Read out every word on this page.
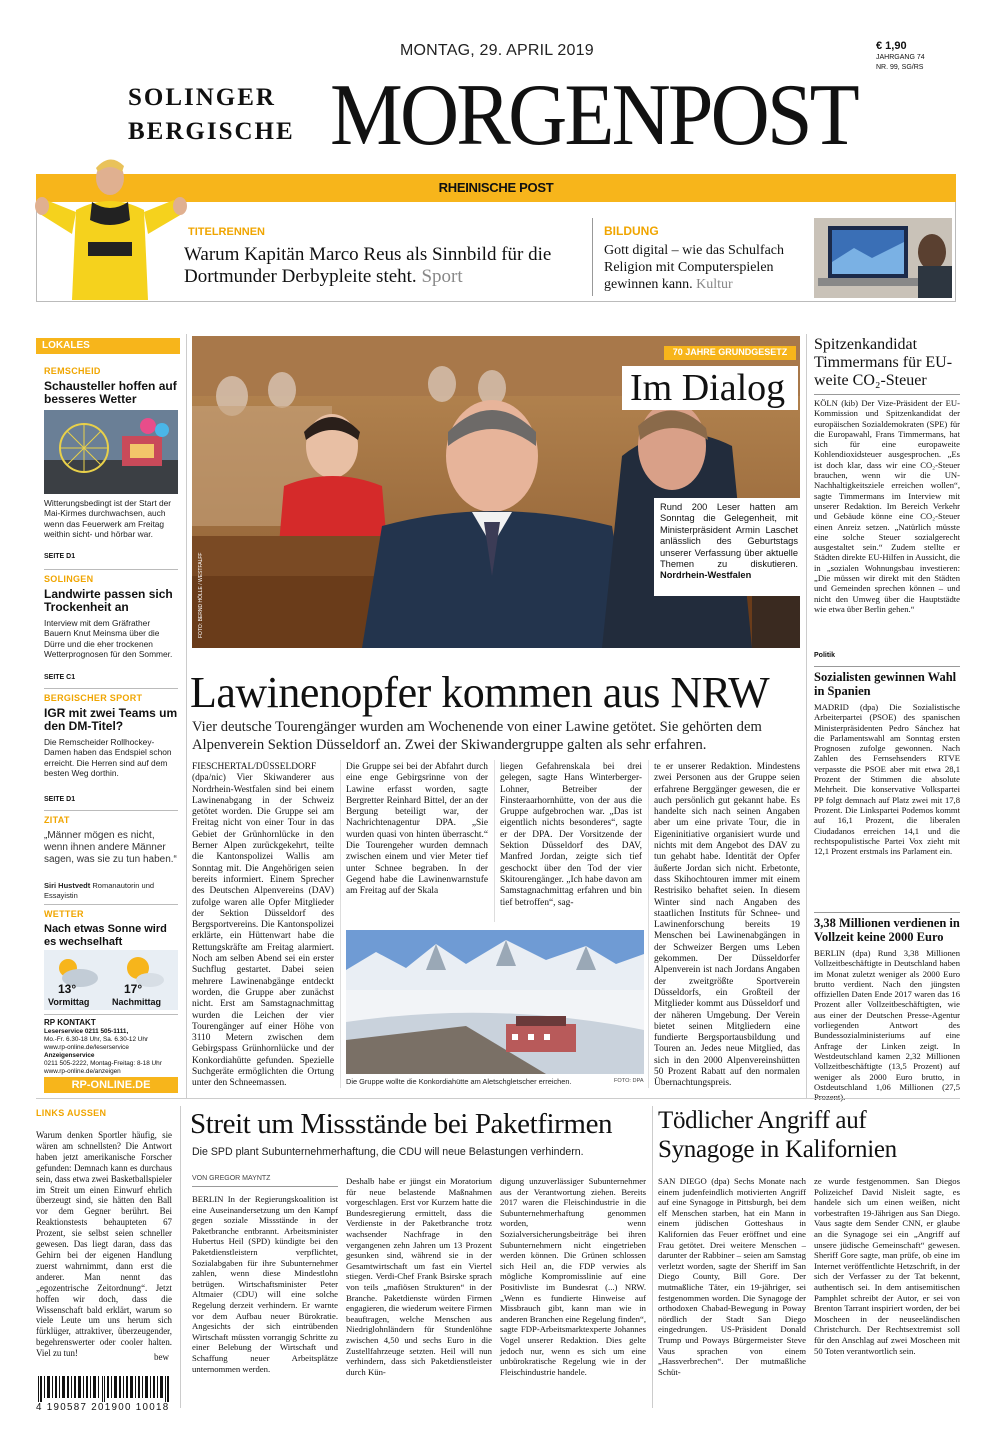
MONTAG, 29. APRIL 2019	€ 1,90
JAHRGANG 74
NR. 99, SG/RS
SOLINGER
BERGISCHE MORGENPOST
RHEINISCHE POST
TITELRENNEN
Warum Kapitän Marco Reus als Sinnbild für die Dortmunder Derbypleite steht. Sport
BILDUNG
Gott digital – wie das Schulfach Religion mit Computerspielen gewinnen kann. Kultur
LOKALES
REMSCHEID
Schausteller hoffen auf besseres Wetter
Witterungsbedingt ist der Start der Mai-Kirmes durchwachsen, auch wenn das Feuerwerk am Freitag weithin sicht- und hörbar war.
SEITE D1
SOLINGEN
Landwirte passen sich Trockenheit an
Interview mit dem Gräfrather Bauern Knut Meinsma über die Dürre und die eher trockenen Wetterprognosen für den Sommer.
SEITE C1
BERGISCHER SPORT
IGR mit zwei Teams um den DM-Titel?
Die Remscheider Rollhockey-Damen haben das Endspiel schon erreicht. Die Herren sind auf dem besten Weg dorthin.
SEITE D1
ZITAT
„Männer mögen es nicht, wenn ihnen andere Männer sagen, was sie zu tun haben.“
Siri Hustvedt Romanautorin und Essayistin
WETTER
Nach etwas Sonne wird es wechselhaft
13°	17°
Vormittag	Nachmittag
RP KONTAKT
Leserservice 0211 505-1111,
Mo.-Fr. 6.30-18 Uhr, Sa. 6.30-12 Uhr
www.rp-online.de/leserservice
Anzeigenservice
0211 505-2222, Montag-Freitag: 8-18 Uhr
www.rp-online.de/anzeigen
RP-ONLINE.DE
70 JAHRE GRUNDGESETZ
Im Dialog
Rund 200 Leser hatten am Sonntag die Gelegenheit, mit Ministerpräsident Armin Laschet anlässlich des Geburtstags unserer Verfassung über aktuelle Themen zu diskutieren. Nordrhein-Westfalen
FOTO: BERND HÖLLE / WESTFALFF
Spitzenkandidat Timmermans für EU-weite CO₂-Steuer
KÖLN (kib) Der Vize-Präsident der EU-Kommission und Spitzenkandidat der europäischen Sozialdemokraten (SPE) für die Europawahl, Frans Timmermans, hat sich für eine europaweite Kohlendioxidsteuer ausgesprochen. „Es ist doch klar, dass wir eine CO₂-Steuer brauchen, wenn wir die UN-Nachhaltigkeitsziele erreichen wollen“, sagte Timmermans im Interview mit unserer Redaktion. Im Bereich Verkehr und Gebäude könne eine CO₂-Steuer einen Anreiz setzen. „Natürlich müsste eine solche Steuer sozialgerecht ausgestaltet sein.“ Zudem stellte er Städten direkte EU-Hilfen in Aussicht, die in „sozialen Wohnungsbau investieren: „Die müssen wir direkt mit den Städten und Gemeinden sprechen können – und nicht den Umweg über die Hauptstädte wie etwa über Berlin gehen.“
Politik
Sozialisten gewinnen Wahl in Spanien
MADRID (dpa) Die Sozialistische Arbeiterpartei (PSOE) des spanischen Ministerpräsidenten Pedro Sánchez hat die Parlamentswahl am Sonntag ersten Prognosen zufolge gewonnen. Nach Zahlen des Fernsehsenders RTVE verpasste die PSOE aber mit etwa 28,1 Prozent der Stimmen die absolute Mehrheit. Die konservative Volkspartei PP folgt demnach auf Platz zwei mit 17,8 Prozent. Die Linkspartei Podemos kommt auf 16,1 Prozent, die liberalen Ciudadanos erreichen 14,1 und die rechtspopulistische Partei Vox zieht mit 12,1 Prozent erstmals ins Parlament ein.
3,38 Millionen verdienen in Vollzeit keine 2000 Euro
BERLIN (dpa) Rund 3,38 Millionen Vollzeitbeschäftigte in Deutschland haben im Monat zuletzt weniger als 2000 Euro brutto verdient. Nach den jüngsten offiziellen Daten Ende 2017 waren das 16 Prozent aller Vollzeitbeschäftigten, wie aus einer der Deutschen Presse-Agentur vorliegenden Antwort des Bundessozialministeriums auf eine Anfrage der Linken zeigt. In Westdeutschland kamen 2,32 Millionen Vollzeitbeschäftigte (13,5 Prozent) auf weniger als 2000 Euro brutto, in Ostdeutschland 1,06 Millionen (27,5
Lawinenopfer kommen aus NRW
Vier deutsche Tourengänger wurden am Wochenende von einer Lawine getötet. Sie gehörten dem Alpenverein Sektion Düsseldorf an. Zwei der Skiwandergruppe galten als sehr erfahren.
FIESCHERTAL/DÜSSELDORF (dpa/nic) Vier Skiwanderer aus Nordrhein-Westfalen sind bei einem Lawinenabgang in der Schweiz getötet worden. Die Gruppe sei am Freitag nicht von einer Tour in das Gebiet der Grünhornlücke in den Berner Alpen zurückgekehrt, teilte die Kantonspolizei Wallis am Sonntag mit. Die Angehörigen seien bereits informiert. Einem Sprecher des Deutschen Alpenvereins (DAV) zufolge waren alle Opfer Mitglieder der Sektion Düsseldorf des Bergsportvereins. Die Kantonspolizei erklärte, ein Hüttenwart habe die Rettungskräfte am Freitag alarmiert. Noch am selben Abend sei ein erster Suchflug gestartet. Dabei seien mehrere Lawinenabgänge entdeckt worden, die Gruppe aber zunächst nicht. Erst am Samstagnachmittag wurden die Leichen der vier Tourengänger auf einer Höhe von 3110 Metern zwischen dem Gebirgspass Grünhornlücke und der Konkordiahütte gefunden. Spezielle Suchgeräte ermöglichten die Ortung unter den Schneemassen.
Die Gruppe sei bei der Abfahrt durch eine enge Gebirgsrinne von der Lawine erfasst worden, sagte Bergretter Reinhard Bittel, der an der Bergung beteiligt war, der Nachrichtenagentur DPA. „Sie wurden quasi von hinten überrascht.“ Die Tourengeher wurden demnach zwischen einem und vier Meter tief unter Schnee begraben. In der Gegend habe die Lawinenwarnstufe am Freitag auf der Skala
liegen Gefahrenskala bei drei gelegen, sagte Hans Winterberger-Lohner, Betreiber der Finsteraarhornhütte, von der aus die Gruppe aufgebrochen war. „Das ist eigentlich nichts besonderes“, sagte er der DPA. Der Vorsitzende der Sektion Düsseldorf des DAV, Manfred Jordan, zeigte sich tief geschockt über den Tod der vier Skitourengänger. „Ich habe davon am Samstagnachmittag erfahren und bin tief betroffen“, sag-
te er unserer Redaktion. Mindestens zwei Personen aus der Gruppe seien erfahrene Berggänger gewesen, die er auch persönlich gut gekannt habe. Es handelte sich nach seinen Angaben aber um eine private Tour, die in Eigeninitiative organisiert wurde und nichts mit dem Angebot des DAV zu tun gehabt habe. Identität der Opfer äußerte Jordan sich nicht. Erbetonte, dass Skihochtouren immer mit einem Restrisiko behaftet seien. In diesem Winter sind nach Angaben des staatlichen Instituts für Schnee- und Lawinenforschung bereits 19 Menschen bei Lawinenabgängen in der Schweizer Bergen ums Leben gekommen. Der Düsseldorfer Alpenverein ist nach Jordans Angaben der zweitgrößte Sportverein Düsseldorfs, ein Großteil der Mitglieder kommt aus Düsseldorf und der näheren Umgebung. Der Verein bietet seinen Mitgliedern eine fundierte Bergsportausbildung und Touren an. Jedes neue Mitglied, das sich in den 2000 Alpenvereinshütten 50 Prozent Rabatt auf den normalen Übernachtungspreis.
Die Gruppe wollte die Konkordiahütte am Aletschgletscher erreichen.	FOTO: DPA
LINKS AUSSEN
Warum denken Sportler häufig, sie wären am schnellsten? Die Antwort haben jetzt amerikanische Forscher gefunden: Demnach kann es durchaus sein, dass etwa zwei Basketballspieler im Streit um einen Einwurf ehrlich überzeugt sind, sie hätten den Ball vor dem Gegner berührt. Bei Reaktionstests behaupteten 67 Prozent, sie selbst seien schneller gewesen. Das liegt daran, dass das Gehirn bei der eigenen Handlung zuerst wahrnimmt, dann erst die anderer. Man nennt das „egozentrische Zeitordnung“. Jetzt hoffen wir doch, dass die Wissenschaft bald erklärt, warum so viele Leute um uns herum sich fürklüger, attraktiver, überzeugender, begehrenswerter oder cooler halten. Viel zu tun!	bew
4 190587 201900 10018
Streit um Missstände bei Paketfirmen
Die SPD plant Subunternehmerhaftung, die CDU will neue Belastungen verhindern.
VON GREGOR MAYNTZ
BERLIN In der Regierungskoalition ist eine Auseinandersetzung um den Kampf gegen soziale Missstände in der Paketbranche entbrannt. Arbeitsminister Hubertus Heil (SPD) kündigte bei den Paketdienstleistern verpflichtet, Sozialabgaben für ihre Subunternehmer zahlen, wenn diese Mindestlohn betrügen. Wirtschaftsminister Peter Altmaier (CDU) will eine solche Regelung derzeit verhindern. Er warnte vor dem Aufbau neuer Bürokratie. Angesichts der sich eintrübenden Wirtschaft müssten vorrangig Schritte zu einer Belebung der Wirtschaft und Schaffung neuer Arbeitsplätze unternommen werden.
Deshalb habe er jüngst ein Moratorium für neue belastende Maßnahmen vorgeschlagen. Erst vor Kurzem hatte die Bundesregierung ermittelt, dass die Verdienste in der Paketbranche trotz wachsender Nachfrage in den vergangenen zehn Jahren um 13 Prozent gesunken sind, während sie in der Gesamtwirtschaft um fast ein Viertel stiegen. Verdi-Chef Frank Bsirske sprach von teils „mafiösen Strukturen“ in der Branche. Paketdienste würden Firmen engagieren, die wiederum weitere Firmen beauftragen, welche Menschen aus Niedriglohnländern für Stundenlöhne zwischen 4,50 und sechs Euro in die Zustellfahrzeuge setzten. Heil will nun verhindern, dass sich Paketdienstleister durch Kün-
digung unzuverlässiger Subunternehmer aus der Verantwortung ziehen. Bereits 2017 waren die Fleischindustrie in die Subunternehmerhaftung genommen worden, wenn Sozialversicherungsbeiträge bei ihren Subunternehmern nicht eingetrieben werden können. Die Grünen schlossen sich Heil an, die FDP verwies als mögliche Kompromisslinie auf eine Positivliste im Bundesrat (...) NRW. „Wenn es fundierte Hinweise auf Missbrauch gibt, kann man wie in anderen Branchen eine Regelung finden“, sagte FDP-Arbeitsmarktexperte Johannes Vogel unserer Redaktion. Dies gelte jedoch nur, wenn es sich um eine unbürokratische Regelung wie in der Fleischindustrie handele.
Tödlicher Angriff auf Synagoge in Kalifornien
SAN DIEGO (dpa) Sechs Monate nach einem judenfeindlich motivierten Angriff auf eine Synagoge in Pittsburgh, bei dem elf Menschen starben, hat ein Mann in einem jüdischen Gotteshaus in Kalifornien das Feuer eröffnet und eine Frau getötet. Drei weitere Menschen – darunter der Rabbiner – seien am Samstag verletzt worden, sagte der Sheriff im San Diego County, Bill Gore. Der mutmaßliche Täter, ein 19-jähriger, sei festgenommen worden. Die Synagoge der orthodoxen Chabad-Bewegung in Poway nördlich der Stadt San Diego eingedrungen. US-Präsident Donald Trump und Poways Bürgermeister Steve Vaus sprachen von einem „Hassverbrechen“. Der mutmaßliche Schüt-
ze wurde festgenommen. San Diegos Polizeichef David Nisleit sagte, es handele sich um einen weißen, nicht vorbestraften 19-Jährigen aus San Diego. Vaus sagte dem Sender CNN, er glaube an die Synagoge sei ein „Angriff auf unsere jüdische Gemeinschaft“ gewesen. Sheriff Gore sagte, man prüfe, ob eine im Internet veröffentlichte Hetzschrift, in der sich der Verfasser zu der Tat bekennt, authentisch sei. In dem antisemitischen Pamphlet schreibt der Autor, er sei von Brenton Tarrant inspiriert worden, der bei Moscheen in der neuseeländischen Christchurch. Der Rechtsextremist soll für den Anschlag auf zwei Moscheen mit 50 Toten verantwortlich sein.
